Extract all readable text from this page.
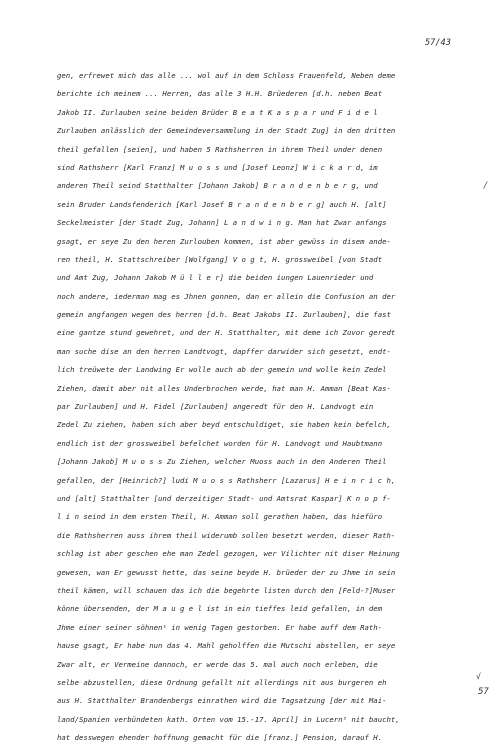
57/43
gen, erfrewet mich das alle ... wol auf in dem Schloss Frauenfeld, Neben deme
berichte ich meinem ... Herren, das alle 3 H.H. Brüederen [d.h. neben Beat
Jakob II. Zurlauben seine beiden Brüder B e a t K a s p a r und F i d e l
Zurlauben anlässlich der Gemeindeversammlung in der Stadt Zug] in den dritten
theil gefallen [seien], und haben 5 Rathsherren in ihrem Theil under denen
sind Rathsherr [Karl Franz] M u o s s und [Josef Leonz] W i c k a r d, im
anderen Theil seind Statthalter [Johann Jakob] B r a n d e n b e r g, und
sein Bruder Landsfenderich [Karl Josef B r a n d e n b e r g] auch H. [alt]
Seckelmeister [der Stadt Zug, Johann] L a n d w i n g. Man hat Zwar anfangs
gsagt, er seye Zu den heren Zurlouben kommen, ist aber gewüss in disem ande-
ren theil, H. Stattschreiber [Wolfgang] V o g t, H. grossweibel [von Stadt
und Amt Zug, Johann Jakob M ü l l e r] die beiden iungen Lauenrieder und
noch andere, iederman mag es Jhnen gonnen, dan er allein die Confusion an der
gemein angfangen wegen des herren [d.h. Beat Jakobs II. Zurlauben], die fast
eine gantze stund gewehret, und der H. Statthalter, mit deme ich Zuvor geredt
man suche dise an den herren Landtvogt, dapffer darwider sich gesetzt, endt-
lich treüwete der Landwing Er wolle auch ab der gemein und wolle kein Zedel
Ziehen, damit aber nit alles Underbrochen werde, hat man H. Amman [Beat Kas-
par Zurlauben] und H. Fidel [Zurlauben] angeredt für den H. Landvogt ein
Zedel Zu ziehen, haben sich aber beyd entschuldiget, sie haben kein befelch,
endlich ist der grossweibel befelchet worden für H. Landvogt und Haubtmann
[Johann Jakob] M u o s s Zu Ziehen, welcher Muoss auch in den Anderen Theil
gefallen, der [Heinrich?] ludi M u o s s Rathsherr [Lazarus] H e i n r i c h,
und [alt] Statthalter [und derzeitiger Stadt- und Amtsrat Kaspar] K n o p f-
l i n seind in dem ersten Theil, H. Amman soll gerathen haben, das hiefüro
die Rathsherren auss ihrem theil widerumb sollen besetzt werden, dieser Rath-
schlag ist aber geschen ehe man Zedel gezogen, wer Vilichter nit diser Meinung
gewesen, wan Er gewusst hette, das seine beyde H. brüeder der zu Jhme in sein
theil kämen, will schauen das ich die begehrte listen durch den [Feld-?]Muser
könne übersenden, der M a u g e l ist in ein tieffes leid gefallen, in dem
Jhme einer seiner söhnen¹ in wenig Tagen gestorben. Er habe auff dem Rath-
hause gsagt, Er habe nun das 4. Mahl geholffen die Mutschi abstellen, er seye
Zwar alt, er Vermeine dannoch, er werde das 5. mal auch noch erleben, die
selbe abzustellen, diese Ordnung gefallt nit allerdings nit aus burgeren eh
aus H. Statthalter Brandenbergs einrathen wird die Tagsatzung [der mit Mai-
land/Spanien verbündeten kath. Orten vom 15.-17. April] in Lucern² nit baucht,
hat desswegen ehender hoffnung gemacht für die [franz.] Pension, darauf H.
/
√
57
